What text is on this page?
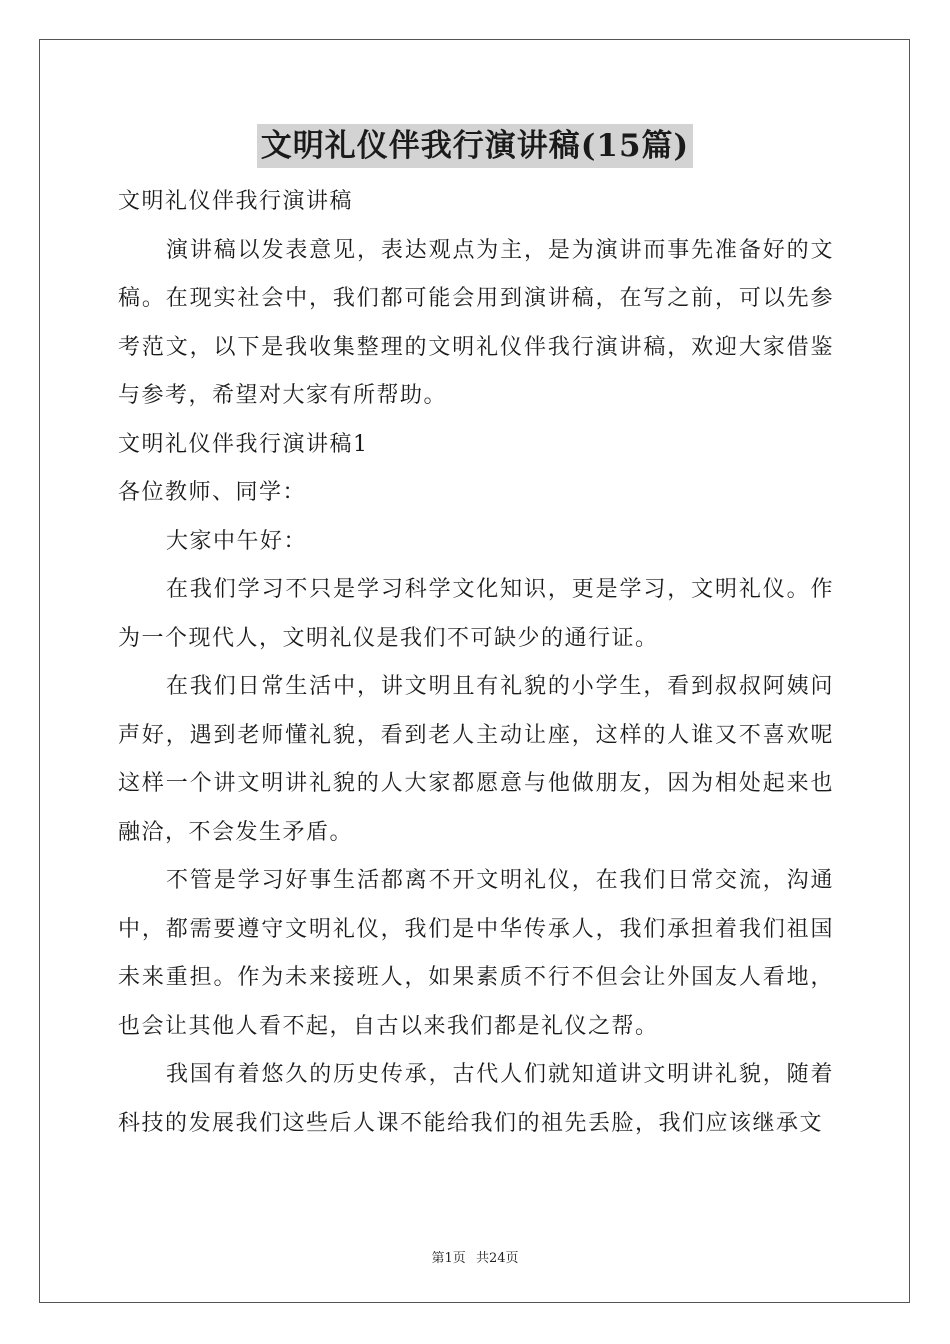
文明礼仪伴我行演讲稿(15篇)

文明礼仪伴我行演讲稿

演讲稿以发表意见，表达观点为主，是为演讲而事先准备好的文稿。在现实社会中，我们都可能会用到演讲稿，在写之前，可以先参考范文，以下是我收集整理的文明礼仪伴我行演讲稿，欢迎大家借鉴与参考，希望对大家有所帮助。

文明礼仪伴我行演讲稿1

各位教师、同学：

大家中午好：

在我们学习不只是学习科学文化知识，更是学习，文明礼仪。作为一个现代人，文明礼仪是我们不可缺少的通行证。

在我们日常生活中，讲文明且有礼貌的小学生，看到叔叔阿姨问声好，遇到老师懂礼貌，看到老人主动让座，这样的人谁又不喜欢呢这样一个讲文明讲礼貌的人大家都愿意与他做朋友，因为相处起来也融洽，不会发生矛盾。

不管是学习好事生活都离不开文明礼仪，在我们日常交流，沟通中，都需要遵守文明礼仪，我们是中华传承人，我们承担着我们祖国未来重担。作为未来接班人，如果素质不行不但会让外国友人看地，也会让其他人看不起，自古以来我们都是礼仪之帮。

我国有着悠久的历史传承，古代人们就知道讲文明讲礼貌，随着科技的发展我们这些后人课不能给我们的祖先丢脸，我们应该继承文

第1页 共24页
